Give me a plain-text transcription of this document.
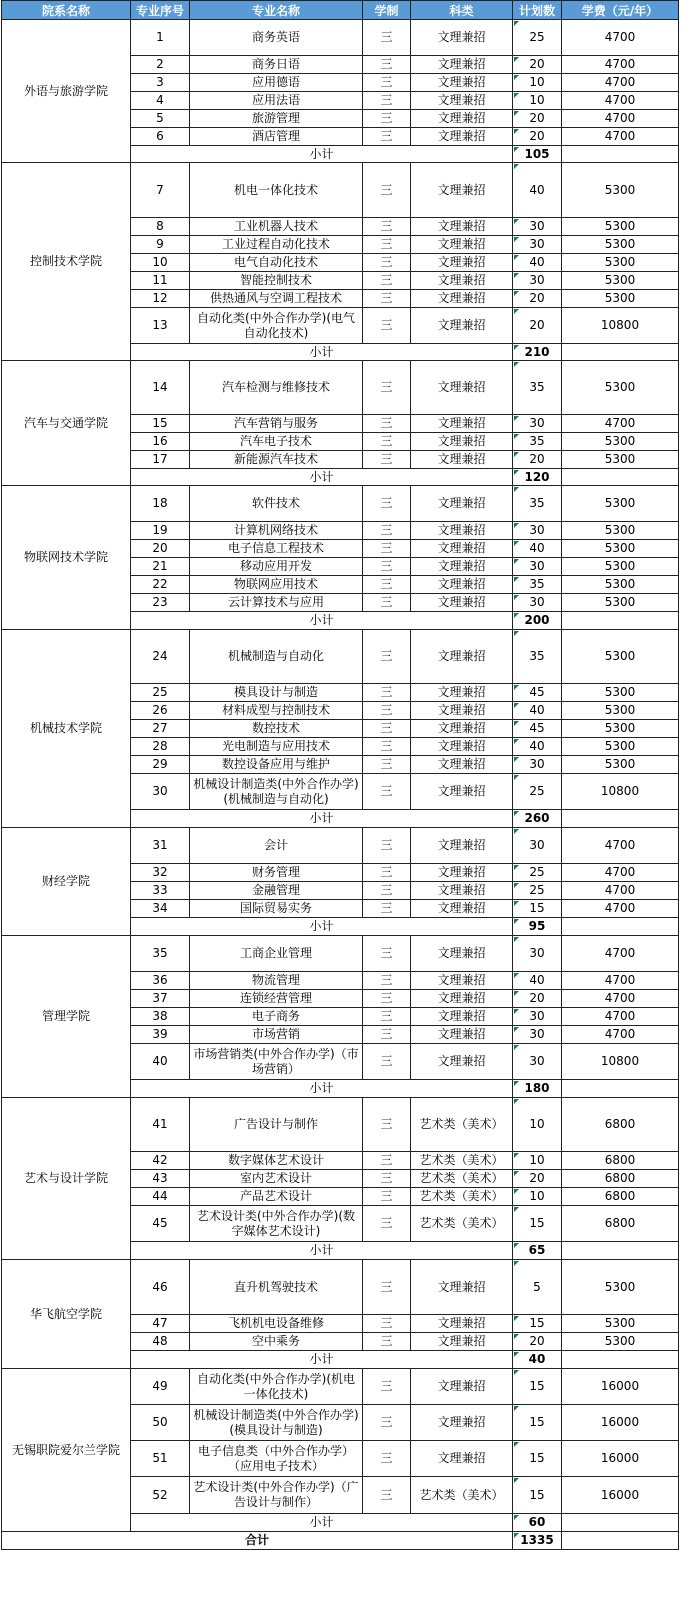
院系名称	专业序号	专业名称	学制	科类	计划数	学费（元/年）
外语与旅游学院	1	商务英语	三	文理兼招	25	4700
	2	商务日语	三	文理兼招	20	4700
	3	应用德语	三	文理兼招	10	4700
	4	应用法语	三	文理兼招	10	4700
	5	旅游管理	三	文理兼招	20	4700
	6	酒店管理	三	文理兼招	20	4700
	小计				105	
控制技术学院	7	机电一体化技术	三	文理兼招	40	5300
	8	工业机器人技术	三	文理兼招	30	5300
	9	工业过程自动化技术	三	文理兼招	30	5300
	10	电气自动化技术	三	文理兼招	40	5300
	11	智能控制技术	三	文理兼招	30	5300
	12	供热通风与空调工程技术	三	文理兼招	20	5300
	13	自动化类(中外合作办学)(电气自动化技术)	三	文理兼招	20	10800
	小计				210	
汽车与交通学院	14	汽车检测与维修技术	三	文理兼招	35	5300
	15	汽车营销与服务	三	文理兼招	30	4700
	16	汽车电子技术	三	文理兼招	35	5300
	17	新能源汽车技术	三	文理兼招	20	5300
	小计				120	
物联网技术学院	18	软件技术	三	文理兼招	35	5300
	19	计算机网络技术	三	文理兼招	30	5300
	20	电子信息工程技术	三	文理兼招	40	5300
	21	移动应用开发	三	文理兼招	30	5300
	22	物联网应用技术	三	文理兼招	35	5300
	23	云计算技术与应用	三	文理兼招	30	5300
	小计				200	
机械技术学院	24	机械制造与自动化	三	文理兼招	35	5300
	25	模具设计与制造	三	文理兼招	45	5300
	26	材料成型与控制技术	三	文理兼招	40	5300
	27	数控技术	三	文理兼招	45	5300
	28	光电制造与应用技术	三	文理兼招	40	5300
	29	数控设备应用与维护	三	文理兼招	30	5300
	30	机械设计制造类(中外合作办学)(机械制造与自动化)	三	文理兼招	25	10800
	小计				260	
财经学院	31	会计	三	文理兼招	30	4700
	32	财务管理	三	文理兼招	25	4700
	33	金融管理	三	文理兼招	25	4700
	34	国际贸易实务	三	文理兼招	15	4700
	小计				95	
管理学院	35	工商企业管理	三	文理兼招	30	4700
	36	物流管理	三	文理兼招	40	4700
	37	连锁经营管理	三	文理兼招	20	4700
	38	电子商务	三	文理兼招	30	4700
	39	市场营销	三	文理兼招	30	4700
	40	市场营销类(中外合作办学)（市场营销）	三	文理兼招	30	10800
	小计				180	
艺术与设计学院	41	广告设计与制作	三	艺术类（美术）	10	6800
	42	数字媒体艺术设计	三	艺术类（美术）	10	6800
	43	室内艺术设计	三	艺术类（美术）	20	6800
	44	产品艺术设计	三	艺术类（美术）	10	6800
	45	艺术设计类(中外合作办学)(数字媒体艺术设计)	三	艺术类（美术）	15	6800
	小计				65	
华飞航空学院	46	直升机驾驶技术	三	文理兼招	5	5300
	47	飞机机电设备维修	三	文理兼招	15	5300
	48	空中乘务	三	文理兼招	20	5300
	小计				40	
无锡职院爱尔兰学院	49	自动化类(中外合作办学)(机电一体化技术)	三	文理兼招	15	16000
	50	机械设计制造类(中外合作办学)(模具设计与制造)	三	文理兼招	15	16000
	51	电子信息类（中外合作办学）（应用电子技术）	三	文理兼招	15	16000
	52	艺术设计类(中外合作办学)（广告设计与制作）	三	艺术类（美术）	15	16000
	小计				60	
合计					1335	
